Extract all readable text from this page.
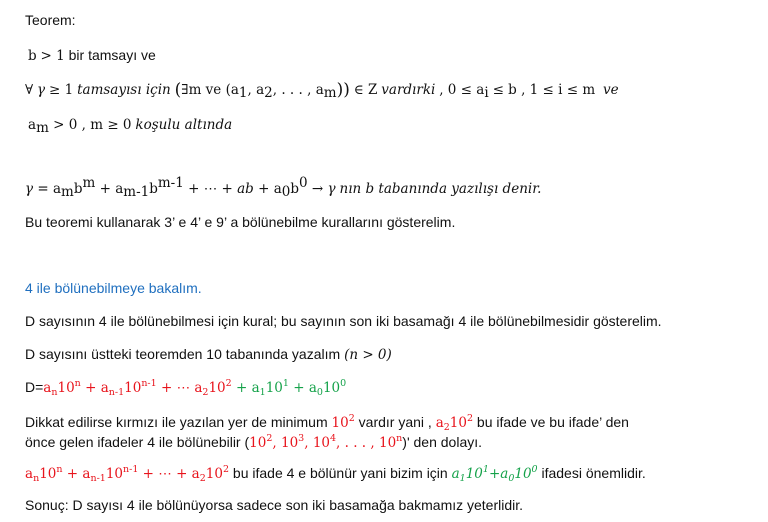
Teorem:
b > 1 bir tamsayı ve
∀ γ ≥ 1 tamsayısı için (∃m ve ($a_1$, $a_2$, . . . , $a_m$)) ∈ Z vardırki , $0 \le a_i \le b$ , 1 ≤ i ≤ m ve
$a_m > 0$ , m ≥ 0 koşulu altında
$\gamma = a_mb^m + a_{m-1}b^{m-1}$ + ⋯ + ab + $a_0b^0 \to \gamma$ nın b tabanında yazılışı denir.
Bu teoremi kullanarak 3’ e 4’ e 9’ a bölünebilme kurallarını gösterelim.
4 ile bölünebilmeye bakalım.
D sayısının 4 ile bölünebilmesi için kural; bu sayının son iki basamağı 4 ile bölünebilmesidir gösterelim.
D sayısını üstteki teoremden 10 tabanında yazalım (n > 0)
$D=a_n10^n + a_{n-1}10^{n-1}$ + ⋯ $a_210^2 + a_110^1 + a_010^0$
Dikkat edilirse kırmızı ile yazılan yer de minimum $10^2$ vardır yani , $a_210^2$ bu ifade ve bu ifade’ den
önce gelen ifadeler 4 ile bölünebilir ($10^2$, $10^3$, $10^4$, . . . , 10$^n$)' den dolayı.
$a_n10^n + a_{n-1}10^{n-1}$ + ⋯ + $a_210^2$ bu ifade 4 e bölünür yani bizim için $a_110^1+a_010^0$ ifadesi önemlidir.
Sonuç: D sayısı 4 ile bölünüyorsa sadece son iki basamağa bakmamız yeterlidir.
